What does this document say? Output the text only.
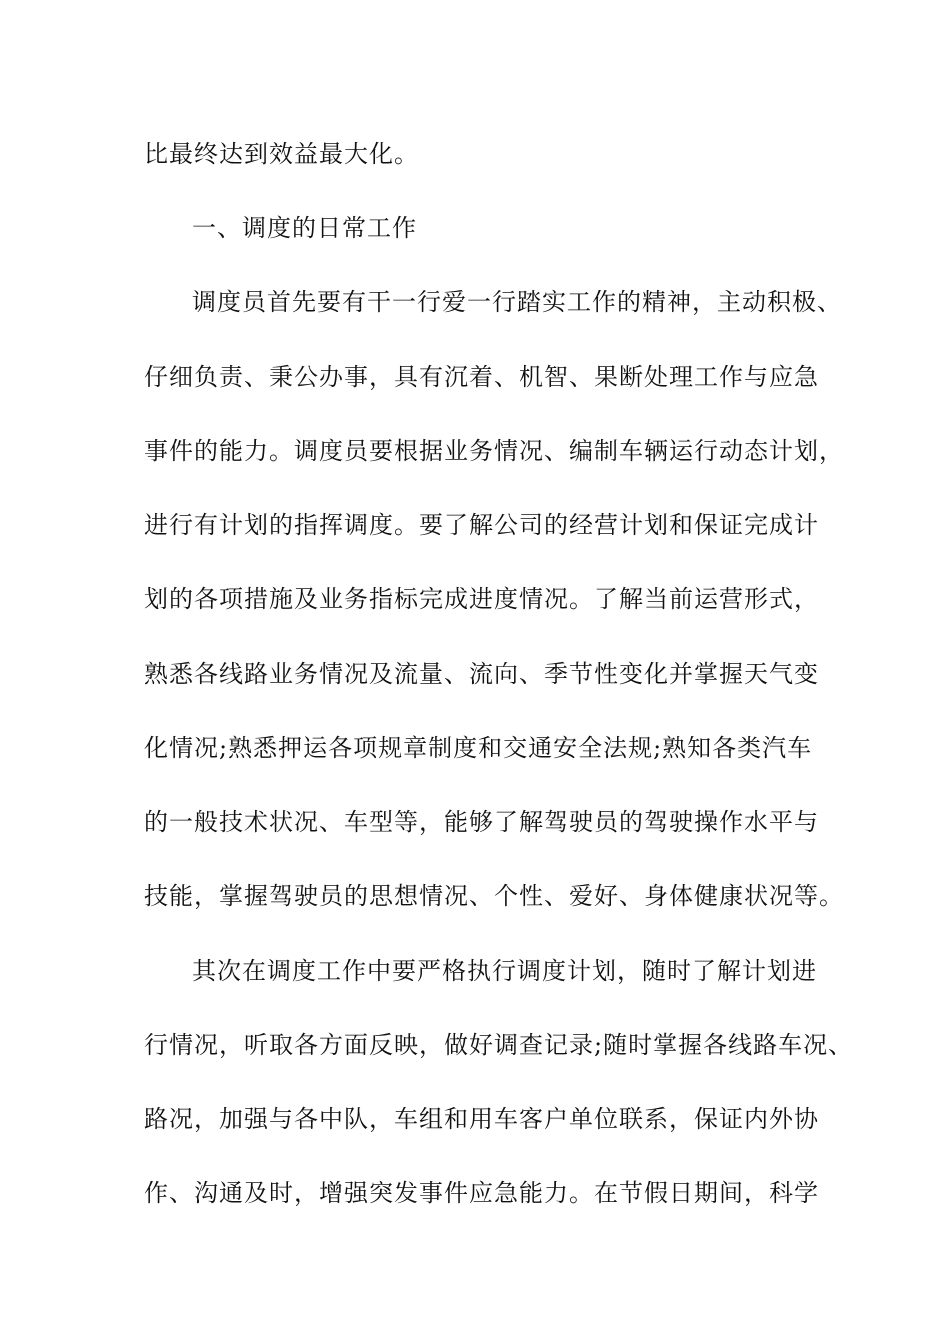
比最终达到效益最大化。

一、调度的日常工作

调度员首先要有干一行爱一行踏实工作的精神，主动积极、

仔细负责、秉公办事，具有沉着、机智、果断处理工作与应急

事件的能力。调度员要根据业务情况、编制车辆运行动态计划，

进行有计划的指挥调度。要了解公司的经营计划和保证完成计

划的各项措施及业务指标完成进度情况。了解当前运营形式，

熟悉各线路业务情况及流量、流向、季节性变化并掌握天气变

化情况;熟悉押运各项规章制度和交通安全法规;熟知各类汽车

的一般技术状况、车型等，能够了解驾驶员的驾驶操作水平与

技能，掌握驾驶员的思想情况、个性、爱好、身体健康状况等。

其次在调度工作中要严格执行调度计划，随时了解计划进

行情况，听取各方面反映，做好调查记录;随时掌握各线路车况、

路况，加强与各中队，车组和用车客户单位联系，保证内外协

作、沟通及时，增强突发事件应急能力。在节假日期间，科学
